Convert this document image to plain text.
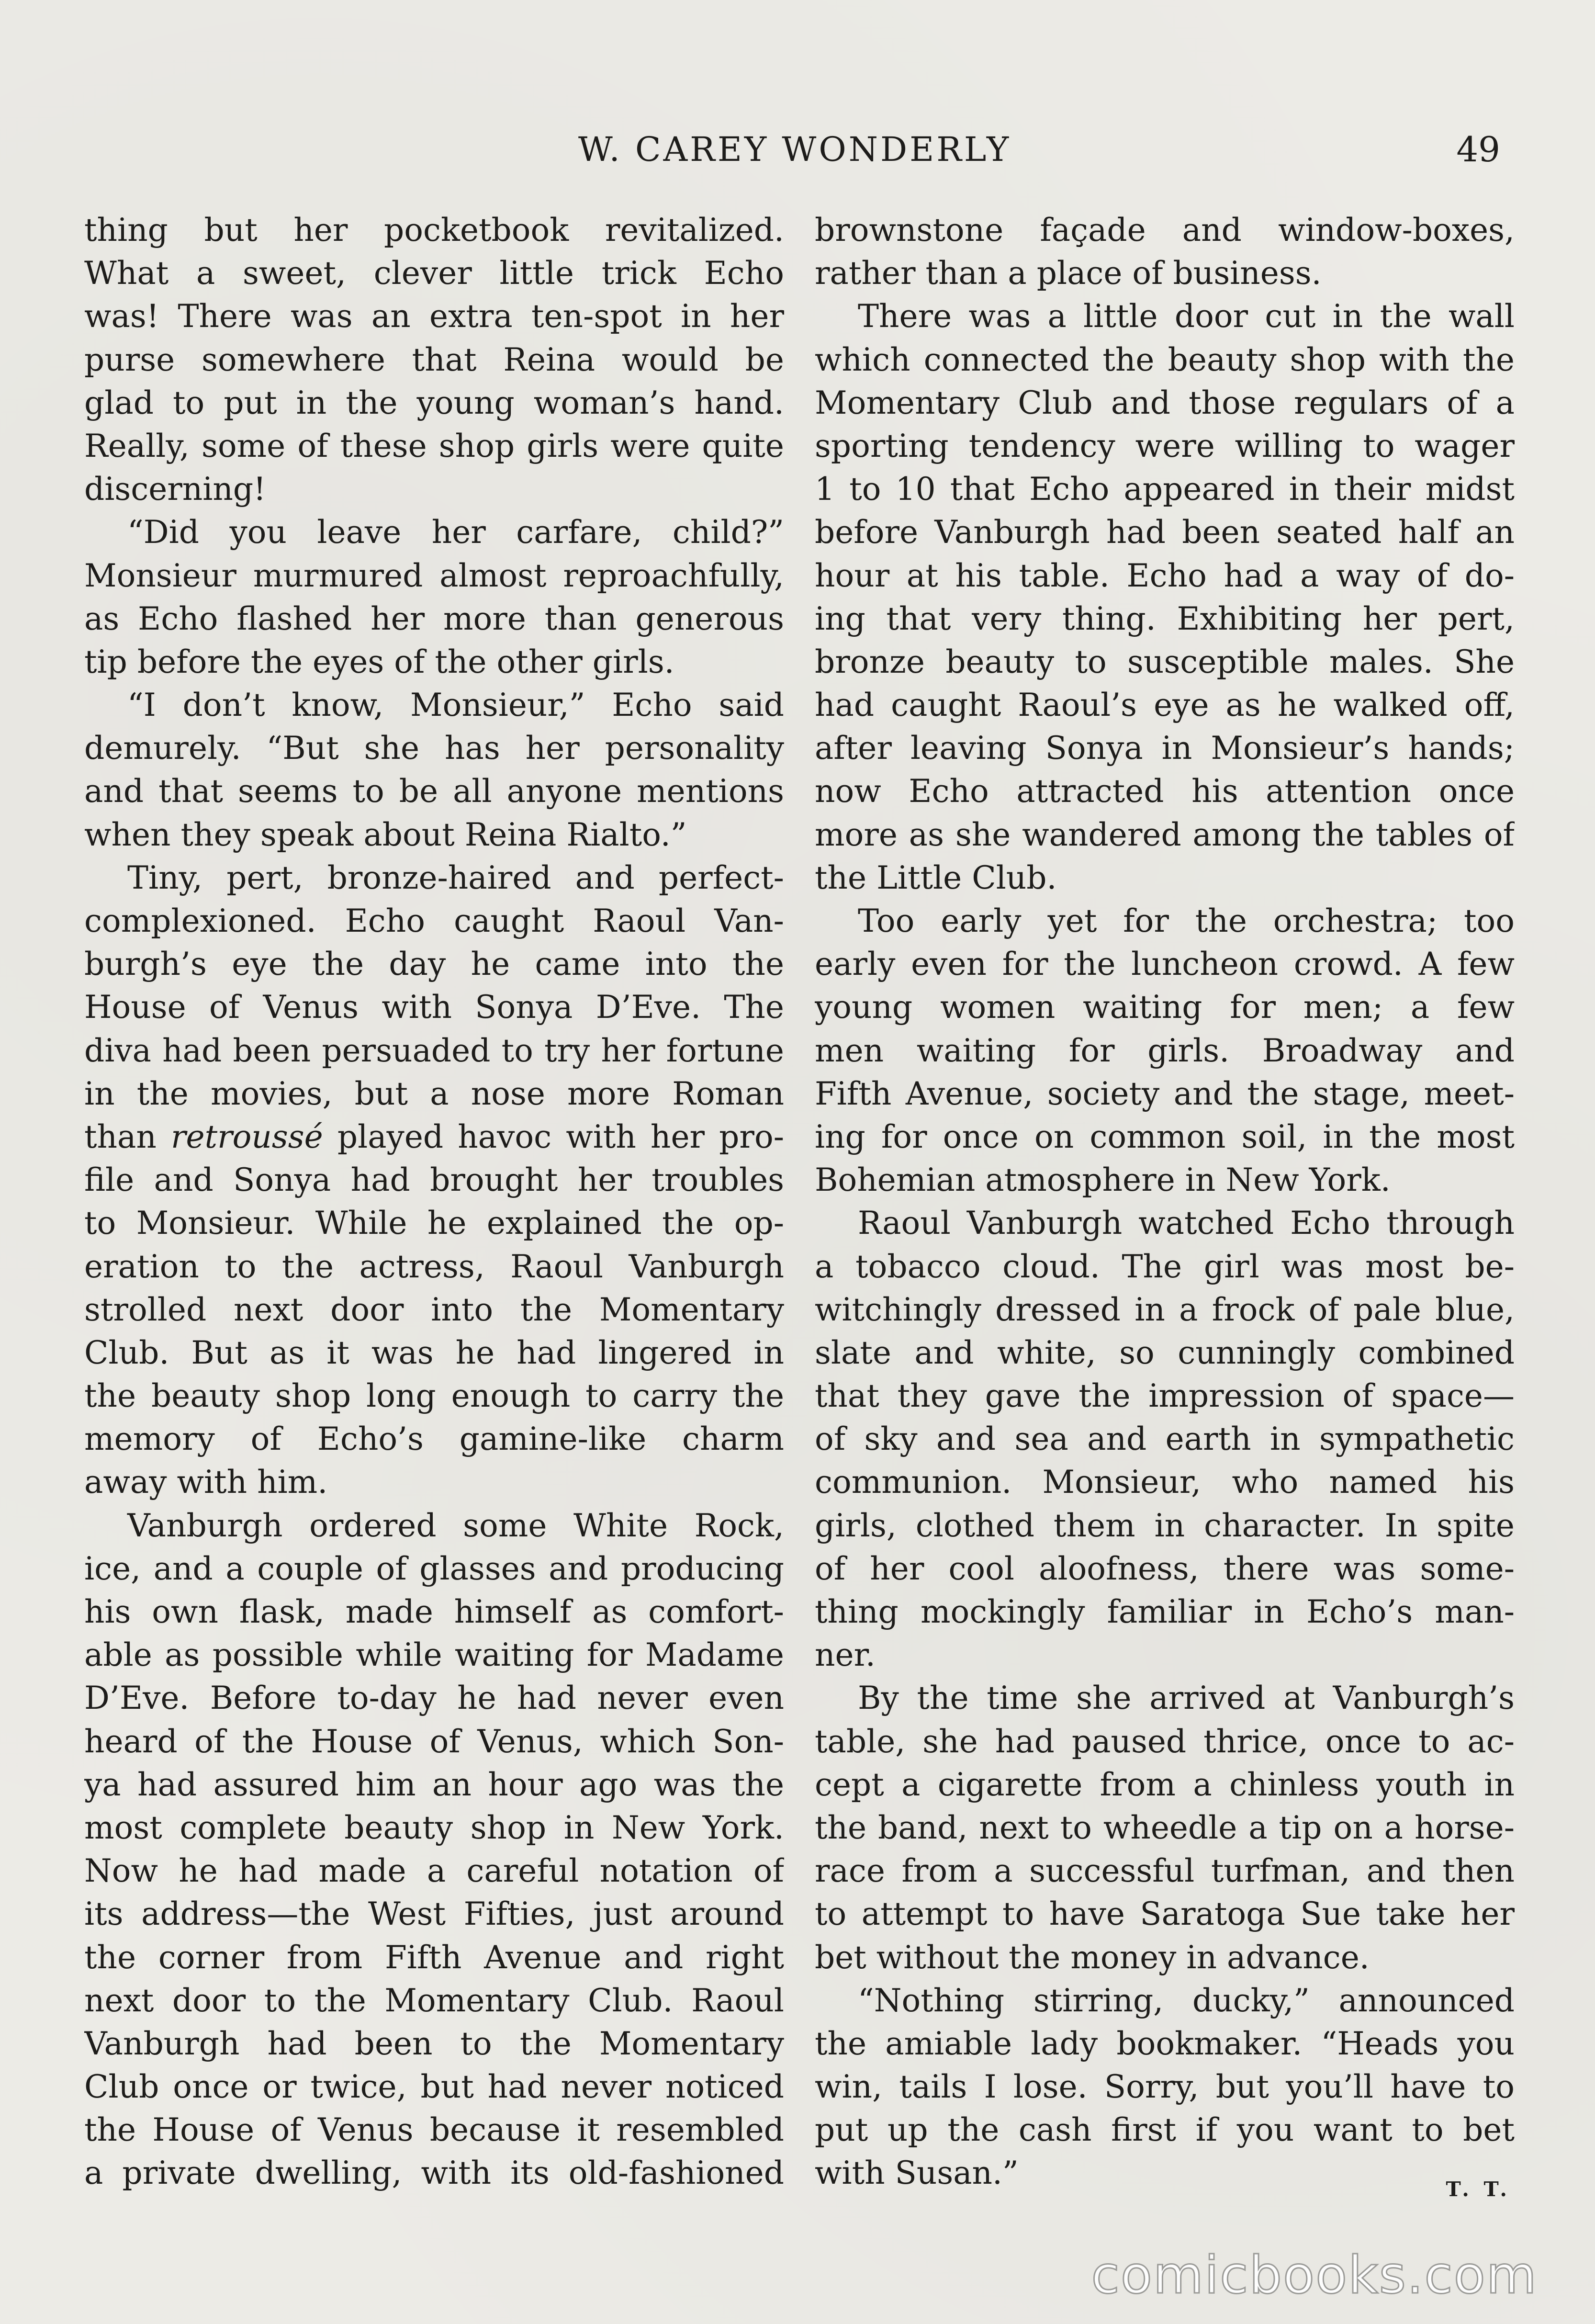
W. CAREY WONDERLY	49
thing but her pocketbook revitalized.
What a sweet, clever little trick Echo
was! There was an extra ten-spot in her
purse somewhere that Reina would be
glad to put in the young woman’s hand.
Really, some of these shop girls were quite
discerning!
“Did you leave her carfare, child?”
Monsieur murmured almost reproachfully,
as Echo flashed her more than generous
tip before the eyes of the other girls.
“I don’t know, Monsieur,” Echo said
demurely. “But she has her personality
and that seems to be all anyone mentions
when they speak about Reina Rialto.”
Tiny, pert, bronze-haired and perfect-
complexioned. Echo caught Raoul Van-
burgh’s eye the day he came into the
House of Venus with Sonya D’Eve. The
diva had been persuaded to try her fortune
in the movies, but a nose more Roman
than retroussé played havoc with her pro-
file and Sonya had brought her troubles
to Monsieur. While he explained the op-
eration to the actress, Raoul Vanburgh
strolled next door into the Momentary
Club. But as it was he had lingered in
the beauty shop long enough to carry the
memory of Echo’s gamine-like charm
away with him.
Vanburgh ordered some White Rock,
ice, and a couple of glasses and producing
his own flask, made himself as comfort-
able as possible while waiting for Madame
D’Eve. Before to-day he had never even
heard of the House of Venus, which Son-
ya had assured him an hour ago was the
most complete beauty shop in New York.
Now he had made a careful notation of
its address—the West Fifties, just around
the corner from Fifth Avenue and right
next door to the Momentary Club. Raoul
Vanburgh had been to the Momentary
Club once or twice, but had never noticed
the House of Venus because it resembled
a private dwelling, with its old-fashioned
brownstone façade and window-boxes,
rather than a place of business.
There was a little door cut in the wall
which connected the beauty shop with the
Momentary Club and those regulars of a
sporting tendency were willing to wager
1 to 10 that Echo appeared in their midst
before Vanburgh had been seated half an
hour at his table. Echo had a way of do-
ing that very thing. Exhibiting her pert,
bronze beauty to susceptible males. She
had caught Raoul’s eye as he walked off,
after leaving Sonya in Monsieur’s hands;
now Echo attracted his attention once
more as she wandered among the tables of
the Little Club.
Too early yet for the orchestra; too
early even for the luncheon crowd. A few
young women waiting for men; a few
men waiting for girls. Broadway and
Fifth Avenue, society and the stage, meet-
ing for once on common soil, in the most
Bohemian atmosphere in New York.
Raoul Vanburgh watched Echo through
a tobacco cloud. The girl was most be-
witchingly dressed in a frock of pale blue,
slate and white, so cunningly combined
that they gave the impression of space—
of sky and sea and earth in sympathetic
communion. Monsieur, who named his
girls, clothed them in character. In spite
of her cool aloofness, there was some-
thing mockingly familiar in Echo’s man-
ner.
By the time she arrived at Vanburgh’s
table, she had paused thrice, once to ac-
cept a cigarette from a chinless youth in
the band, next to wheedle a tip on a horse-
race from a successful turfman, and then
to attempt to have Saratoga Sue take her
bet without the money in advance.
“Nothing stirring, ducky,” announced
the amiable lady bookmaker. “Heads you
win, tails I lose. Sorry, but you’ll have to
put up the cash first if you want to bet
with Susan.”	T. T.
comicbooks.com
